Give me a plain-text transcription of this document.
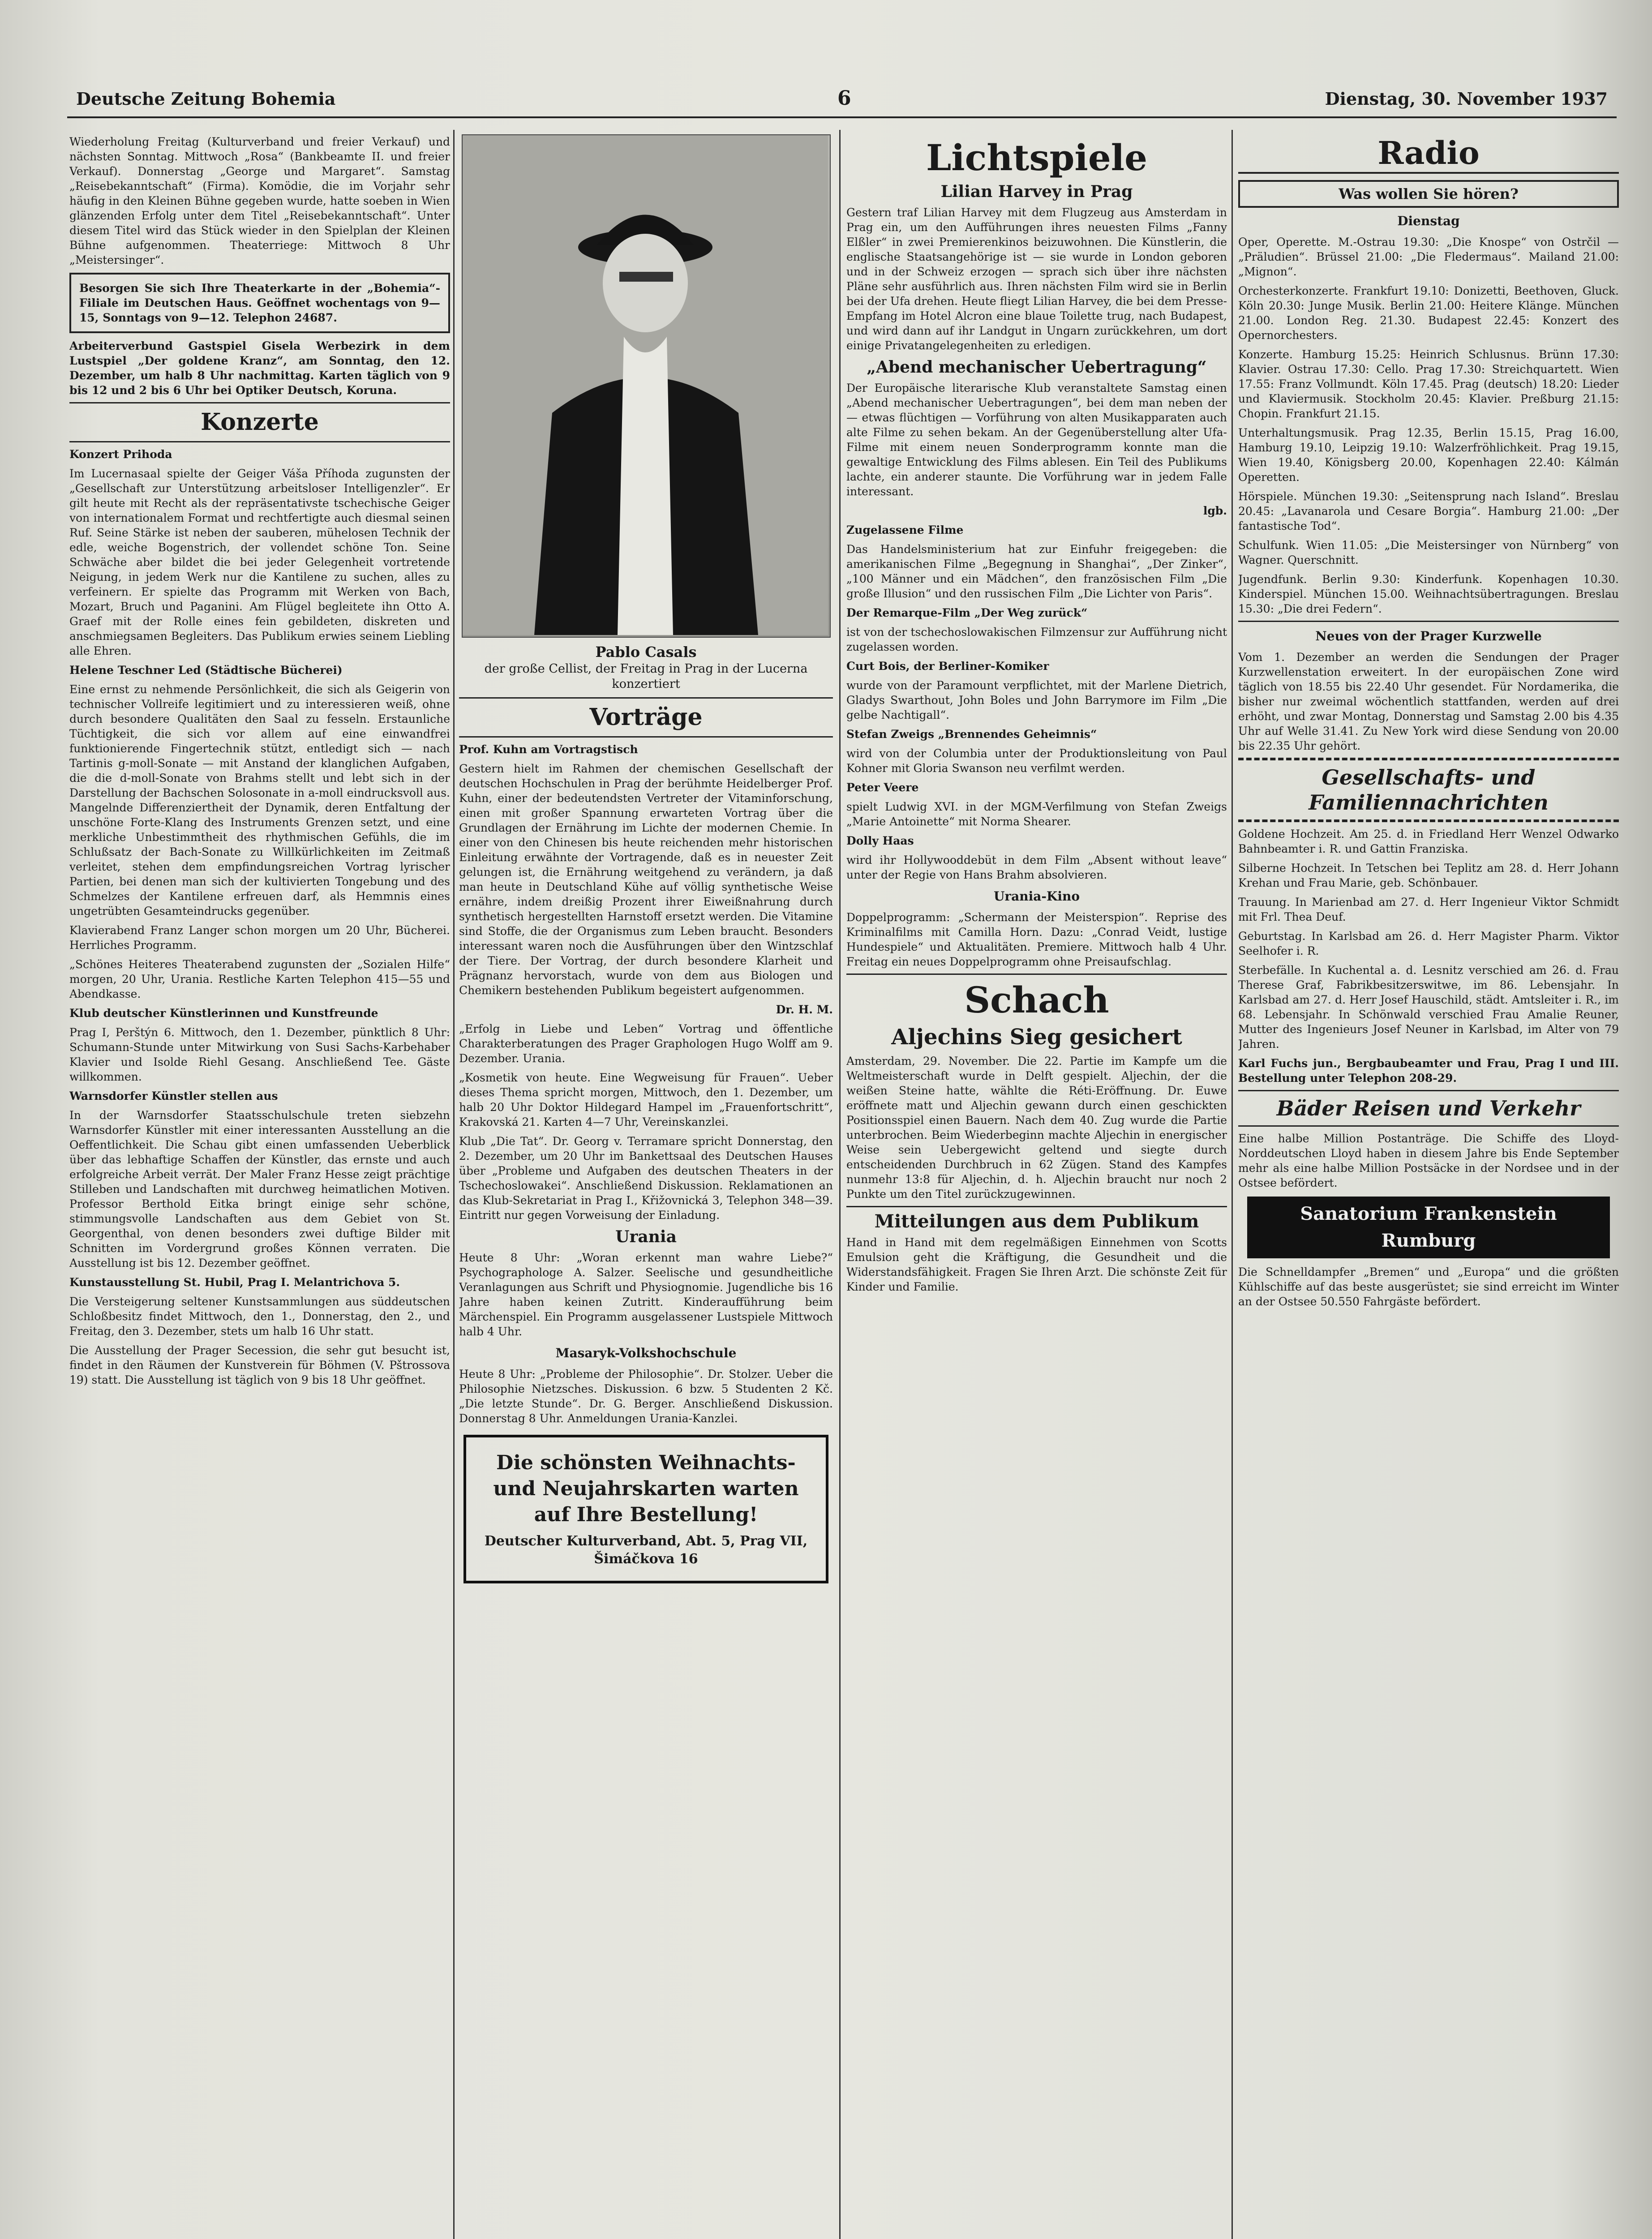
Deutsche Zeitung Bohemia	6	Dienstag, 30. November 1937

Wiederholung Freitag (Kulturverband und freier Verkauf) und nächsten Sonntag. Mittwoch „Rosa“ (Bankbeamte II. und freier Verkauf). Donnerstag „George und Margaret“. Samstag „Reisebekanntschaft“ (Firma). Komödie, die im Vorjahr sehr häufig in den Kleinen Bühne gegeben wurde, hatte soeben in Wien glänzenden Erfolg unter dem Titel „Reisebekanntschaft“. Unter diesem Titel wird das Stück wieder in den Spielplan der Kleinen Bühne aufgenommen. Theaterriege: Mittwoch 8 Uhr „Meistersinger“.

Besorgen Sie sich Ihre Theaterkarte in der „Bohemia“-Filiale im Deutschen Haus. Geöffnet wochentags von 9—15, Sonntags von 9—12. Telephon 24687.

Arbeiterverbund Gastspiel Gisela Werbezirk in dem Lustspiel „Der goldene Kranz“, am Sonntag, den 12. Dezember, um halb 8 Uhr nachmittag. Karten täglich von 9 bis 12 und 2 bis 6 Uhr bei Optiker Deutsch, Koruna.

Konzerte

Konzert Prihoda

Im Lucernasaal spielte der Geiger Váša Příhoda zugunsten der „Gesellschaft zur Unterstützung arbeitsloser Intelligenzler“. Er gilt heute mit Recht als der repräsentativste tschechische Geiger von internationalem Format und rechtfertigte auch diesmal seinen Ruf. Seine Stärke ist neben der sauberen, mühelosen Technik der edle, weiche Bogenstrich, der vollendet schöne Ton. Seine Schwäche aber bildet die bei jeder Gelegenheit vortretende Neigung, in jedem Werk nur die Kantilene zu suchen, alles zu verfeinern. Er spielte das Programm mit Werken von Bach, Mozart, Bruch und Paganini. Am Flügel begleitete ihn Otto A. Graef mit der Rolle eines fein gebildeten, diskreten und anschmiegsamen Begleiters. Das Publikum erwies seinem Liebling alle Ehren.

Helene Teschner Led (Städtische Bücherei)

Eine ernst zu nehmende Persönlichkeit, die sich als Geigerin von technischer Vollreife legitimiert und zu interessieren weiß, ohne durch besondere Qualitäten den Saal zu fesseln. Erstaunliche Tüchtigkeit, die sich vor allem auf eine einwandfrei funktionierende Fingertechnik stützt, entledigt sich — nach Tartinis g-moll-Sonate — mit Anstand der klanglichen Aufgaben, die die d-moll-Sonate von Brahms stellt und lebt sich in der Darstellung der Bachschen Solosonate in a-moll eindrucksvoll aus. Mangelnde Differenziertheit der Dynamik, deren Entfaltung der unschöne Forte-Klang des Instruments Grenzen setzt, und eine merkliche Unbestimmtheit des rhythmischen Gefühls, die im Schlußsatz der Bach-Sonate zu Willkürlichkeiten im Zeitmaß verleitet, stehen dem empfindungsreichen Vortrag lyrischer Partien, bei denen man sich der kultivierten Tongebung und des Schmelzes der Kantilene erfreuen darf, als Hemmnis eines ungetrübten Gesamteindrucks gegenüber.

Klavierabend Franz Langer schon morgen um 20 Uhr, Bücherei. Herrliches Programm.

„Schönes Heiteres Theaterabend zugunsten der „Sozialen Hilfe“ morgen, 20 Uhr, Urania. Restliche Karten Telephon 415—55 und Abendkasse.

Klub deutscher Künstlerinnen und Kunstfreunde

Prag I, Perštýn 6. Mittwoch, den 1. Dezember, pünktlich 8 Uhr: Schumann-Stunde unter Mitwirkung von Susi Sachs-Karbehaber Klavier und Isolde Riehl Gesang. Anschließend Tee. Gäste willkommen.

Warnsdorfer Künstler stellen aus

In der Warnsdorfer Staatsschulschule treten siebzehn Warnsdorfer Künstler mit einer interessanten Ausstellung an die Oeffentlichkeit. Die Schau gibt einen umfassenden Ueberblick über das lebhaftige Schaffen der Künstler, das ernste und auch erfolgreiche Arbeit verrät. Der Maler Franz Hesse zeigt prächtige Stilleben und Landschaften mit durchweg heimatlichen Motiven. Professor Berthold Eitka bringt einige sehr schöne, stimmungsvolle Landschaften aus dem Gebiet von St. Georgenthal, von denen besonders zwei duftige Bilder mit Schnitten im Vordergrund großes Können verraten. Die Ausstellung ist bis 12. Dezember geöffnet.

Kunstausstellung St. Hubil, Prag I. Melantrichova 5.

Die Versteigerung seltener Kunstsammlungen aus süddeutschen Schloßbesitz findet Mittwoch, den 1., Donnerstag, den 2., und Freitag, den 3. Dezember, stets um halb 16 Uhr statt.

Die Ausstellung der Prager Secession, die sehr gut besucht ist, findet in den Räumen der Kunstverein für Böhmen (V. Pštrossova 19) statt. Die Ausstellung ist täglich von 9 bis 18 Uhr geöffnet.

Pablo Casals
der große Cellist, der Freitag in Prag in der Lucerna konzertiert
Vorträge

Prof. Kuhn am Vortragstisch

Gestern hielt im Rahmen der chemischen Gesellschaft der deutschen Hochschulen in Prag der berühmte Heidelberger Prof. Kuhn, einer der bedeutendsten Vertreter der Vitaminforschung, einen mit großer Spannung erwarteten Vortrag über die Grundlagen der Ernährung im Lichte der modernen Chemie. In einer von den Chinesen bis heute reichenden mehr historischen Einleitung erwähnte der Vortragende, daß es in neuester Zeit gelungen ist, die Ernährung weitgehend zu verändern, ja daß man heute in Deutschland Kühe auf völlig synthetische Weise ernähre, indem dreißig Prozent ihrer Eiweißnahrung durch synthetisch hergestellten Harnstoff ersetzt werden. Die Vitamine sind Stoffe, die der Organismus zum Leben braucht. Besonders interessant waren noch die Ausführungen über den Wintzschlaf der Tiere. Der Vortrag, der durch besondere Klarheit und Prägnanz hervorstach, wurde von dem aus Biologen und Chemikern bestehenden Publikum begeistert aufgenommen.

Dr. H. M.

„Erfolg in Liebe und Leben“ Vortrag und öffentliche Charakterberatungen des Prager Graphologen Hugo Wolff am 9. Dezember. Urania.

„Kosmetik von heute. Eine Wegweisung für Frauen“. Ueber dieses Thema spricht morgen, Mittwoch, den 1. Dezember, um halb 20 Uhr Doktor Hildegard Hampel im „Frauenfortschritt“, Krakovská 21. Karten 4—7 Uhr, Vereinskanzlei.

Klub „Die Tat“. Dr. Georg v. Terramare spricht Donnerstag, den 2. Dezember, um 20 Uhr im Bankettsaal des Deutschen Hauses über „Probleme und Aufgaben des deutschen Theaters in der Tschechoslowakei“. Anschließend Diskussion. Reklamationen an das Klub-Sekretariat in Prag I., Křižovnická 3, Telephon 348—39. Eintritt nur gegen Vorweisung der Einladung.

Urania

Heute 8 Uhr: „Woran erkennt man wahre Liebe?“ Psychographologe A. Salzer. Seelische und gesundheitliche Veranlagungen aus Schrift und Physiognomie. Jugendliche bis 16 Jahre haben keinen Zutritt. Kinderaufführung beim Märchenspiel. Ein Programm ausgelassener Lustspiele Mittwoch halb 4 Uhr.

Masaryk-Volkshochschule

Heute 8 Uhr: „Probleme der Philosophie“. Dr. Stolzer. Ueber die Philosophie Nietzsches. Diskussion. 6 bzw. 5 Studenten 2 Kč. „Die letzte Stunde“. Dr. G. Berger. Anschließend Diskussion. Donnerstag 8 Uhr. Anmeldungen Urania-Kanzlei.

Die schönsten Weihnachts- und Neujahrskarten warten auf Ihre Bestellung!
Deutscher Kulturverband, Abt. 5, Prag VII, Šimáčkova 16
Lichtspiele
Lilian Harvey in Prag

Gestern traf Lilian Harvey mit dem Flugzeug aus Amsterdam in Prag ein, um den Aufführungen ihres neuesten Films „Fanny Elßler“ in zwei Premierenkinos beizuwohnen. Die Künstlerin, die englische Staatsangehörige ist — sie wurde in London geboren und in der Schweiz erzogen — sprach sich über ihre nächsten Pläne sehr ausführlich aus. Ihren nächsten Film wird sie in Berlin bei der Ufa drehen. Heute fliegt Lilian Harvey, die bei dem Presse-Empfang im Hotel Alcron eine blaue Toilette trug, nach Budapest, und wird dann auf ihr Landgut in Ungarn zurückkehren, um dort einige Privatangelegenheiten zu erledigen.

„Abend mechanischer Uebertragung“

Der Europäische literarische Klub veranstaltete Samstag einen „Abend mechanischer Uebertragungen“, bei dem man neben der — etwas flüchtigen — Vorführung von alten Musikapparaten auch alte Filme zu sehen bekam. An der Gegenüberstellung alter Ufa-Filme mit einem neuen Sonderprogramm konnte man die gewaltige Entwicklung des Films ablesen. Ein Teil des Publikums lachte, ein anderer staunte. Die Vorführung war in jedem Falle interessant.

lgb.

Zugelassene Filme

Das Handelsministerium hat zur Einfuhr freigegeben: die amerikanischen Filme „Begegnung in Shanghai“, „Der Zinker“, „100 Männer und ein Mädchen“, den französischen Film „Die große Illusion“ und den russischen Film „Die Lichter von Paris“.

Der Remarque-Film „Der Weg zurück“

ist von der tschechoslowakischen Filmzensur zur Aufführung nicht zugelassen worden.

Curt Bois, der Berliner-Komiker

wurde von der Paramount verpflichtet, mit der Marlene Dietrich, Gladys Swarthout, John Boles und John Barrymore im Film „Die gelbe Nachtigall“.

Stefan Zweigs „Brennendes Geheimnis“

wird von der Columbia unter der Produktionsleitung von Paul Kohner mit Gloria Swanson neu verfilmt werden.

Peter Veere

spielt Ludwig XVI. in der MGM-Verfilmung von Stefan Zweigs „Marie Antoinette“ mit Norma Shearer.

Dolly Haas

wird ihr Hollywooddebüt in dem Film „Absent without leave“ unter der Regie von Hans Brahm absolvieren.

Urania-Kino

Doppelprogramm: „Schermann der Meisterspion“. Reprise des Kriminalfilms mit Camilla Horn. Dazu: „Conrad Veidt, lustige Hundespiele“ und Aktualitäten. Premiere. Mittwoch halb 4 Uhr. Freitag ein neues Doppelprogramm ohne Preisaufschlag.

Schach
Aljechins Sieg gesichert

Amsterdam, 29. November. Die 22. Partie im Kampfe um die Weltmeisterschaft wurde in Delft gespielt. Aljechin, der die weißen Steine hatte, wählte die Réti-Eröffnung. Dr. Euwe eröffnete matt und Aljechin gewann durch einen geschickten Positionsspiel einen Bauern. Nach dem 40. Zug wurde die Partie unterbrochen. Beim Wiederbeginn machte Aljechin in energischer Weise sein Uebergewicht geltend und siegte durch entscheidenden Durchbruch in 62 Zügen. Stand des Kampfes nunmehr 13:8 für Aljechin, d. h. Aljechin braucht nur noch 2 Punkte um den Titel zurückzugewinnen.

Mitteilungen aus dem Publikum

Hand in Hand mit dem regelmäßigen Einnehmen von Scotts Emulsion geht die Kräftigung, die Gesundheit und die Widerstandsfähigkeit. Fragen Sie Ihren Arzt. Die schönste Zeit für Kinder und Familie.

Radio
Was wollen Sie hören?
Dienstag

Oper, Operette. M.-Ostrau 19.30: „Die Knospe“ von Ostrčil — „Präludien“. Brüssel 21.00: „Die Fledermaus“. Mailand 21.00: „Mignon“.

Orchesterkonzerte. Frankfurt 19.10: Donizetti, Beethoven, Gluck. Köln 20.30: Junge Musik. Berlin 21.00: Heitere Klänge. München 21.00. London Reg. 21.30. Budapest 22.45: Konzert des Opernorchesters.

Konzerte. Hamburg 15.25: Heinrich Schlusnus. Brünn 17.30: Klavier. Ostrau 17.30: Cello. Prag 17.30: Streichquartett. Wien 17.55: Franz Vollmundt. Köln 17.45. Prag (deutsch) 18.20: Lieder und Klaviermusik. Stockholm 20.45: Klavier. Preßburg 21.15: Chopin. Frankfurt 21.15.

Unterhaltungsmusik. Prag 12.35, Berlin 15.15, Prag 16.00, Hamburg 19.10, Leipzig 19.10: Walzerfröhlichkeit. Prag 19.15, Wien 19.40, Königsberg 20.00, Kopenhagen 22.40: Kálmán Operetten.

Hörspiele. München 19.30: „Seitensprung nach Island“. Breslau 20.45: „Lavanarola und Cesare Borgia“. Hamburg 21.00: „Der fantastische Tod“.

Schulfunk. Wien 11.05: „Die Meistersinger von Nürnberg“ von Wagner. Querschnitt.

Jugendfunk. Berlin 9.30: Kinderfunk. Kopenhagen 10.30. Kinderspiel. München 15.00. Weihnachtsübertragungen. Breslau 15.30: „Die drei Federn“.

Neues von der Prager Kurzwelle

Vom 1. Dezember an werden die Sendungen der Prager Kurzwellenstation erweitert. In der europäischen Zone wird täglich von 18.55 bis 22.40 Uhr gesendet. Für Nordamerika, die bisher nur zweimal wöchentlich stattfanden, werden auf drei erhöht, und zwar Montag, Donnerstag und Samstag 2.00 bis 4.35 Uhr auf Welle 31.41. Zu New York wird diese Sendung von 20.00 bis 22.35 Uhr gehört.

Gesellschafts- und Familiennachrichten

Goldene Hochzeit. Am 25. d. in Friedland Herr Wenzel Odwarko Bahnbeamter i. R. und Gattin Franziska.

Silberne Hochzeit. In Tetschen bei Teplitz am 28. d. Herr Johann Krehan und Frau Marie, geb. Schönbauer.

Trauung. In Marienbad am 27. d. Herr Ingenieur Viktor Schmidt mit Frl. Thea Deuf.

Geburtstag. In Karlsbad am 26. d. Herr Magister Pharm. Viktor Seelhofer i. R.

Sterbefälle. In Kuchental a. d. Lesnitz verschied am 26. d. Frau Therese Graf, Fabrikbesitzerswitwe, im 86. Lebensjahr. In Karlsbad am 27. d. Herr Josef Hauschild, städt. Amtsleiter i. R., im 68. Lebensjahr. In Schönwald verschied Frau Amalie Reuner, Mutter des Ingenieurs Josef Neuner in Karlsbad, im Alter von 79 Jahren.

Karl Fuchs jun., Bergbaubeamter und Frau, Prag I und III. Bestellung unter Telephon 208-29.

Bäder Reisen und Verkehr

Eine halbe Million Postanträge. Die Schiffe des Lloyd-Norddeutschen Lloyd haben in diesem Jahre bis Ende September mehr als eine halbe Million Postsäcke in der Nordsee und in der Ostsee befördert.

Sanatorium Frankenstein Rumburg

Die Schnelldampfer „Bremen“ und „Europa“ und die größten Kühlschiffe auf das beste ausgerüstet; sie sind erreicht im Winter an der Ostsee 50.550 Fahrgäste befördert.
